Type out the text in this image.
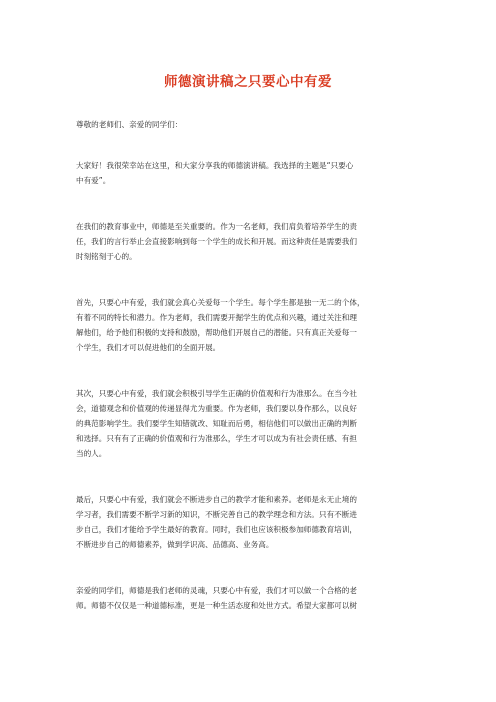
师德演讲稿之只要心中有爱
尊敬的老师们、亲爱的同学们：
大家好！我很荣幸站在这里，和大家分享我的师德演讲稿。我选择的主题是“只要心
中有爱”。
在我们的教育事业中，师德是至关重要的。作为一名老师，我们肩负着培养学生的责
任，我们的言行举止会直接影响到每一个学生的成长和开展。而这种责任是需要我们
时刻铭刻于心的。
首先，只要心中有爱，我们就会真心关爱每一个学生。每个学生都是独一无二的个体，
有着不同的特长和潜力。作为老师，我们需要开掘学生的优点和兴趣，通过关注和理
解他们，给予他们积极的支持和鼓励，帮助他们开展自己的潜能。只有真正关爱每一
个学生，我们才可以促进他们的全面开展。
其次，只要心中有爱，我们就会积极引导学生正确的价值观和行为准那么。在当今社
会，道德观念和价值观的传递显得尤为重要。作为老师，我们要以身作那么，以良好
的典范影响学生。我们要学生知错就改、知耻而后勇，相信他们可以做出正确的判断
和选择。只有有了正确的价值观和行为准那么，学生才可以成为有社会责任感、有担
当的人。
最后，只要心中有爱，我们就会不断进步自己的教学才能和素养。老师是永无止境的
学习者，我们需要不断学习新的知识，不断完善自己的教学理念和方法。只有不断进
步自己，我们才能给予学生最好的教育。同时，我们也应该积极参加师德教育培训，
不断进步自己的师德素养，做到学识高、品德高、业务高。
亲爱的同学们，师德是我们老师的灵魂，只要心中有爱，我们才可以做一个合格的老
师。师德不仅仅是一种道德标准，更是一种生活态度和处世方式。希望大家都可以树
